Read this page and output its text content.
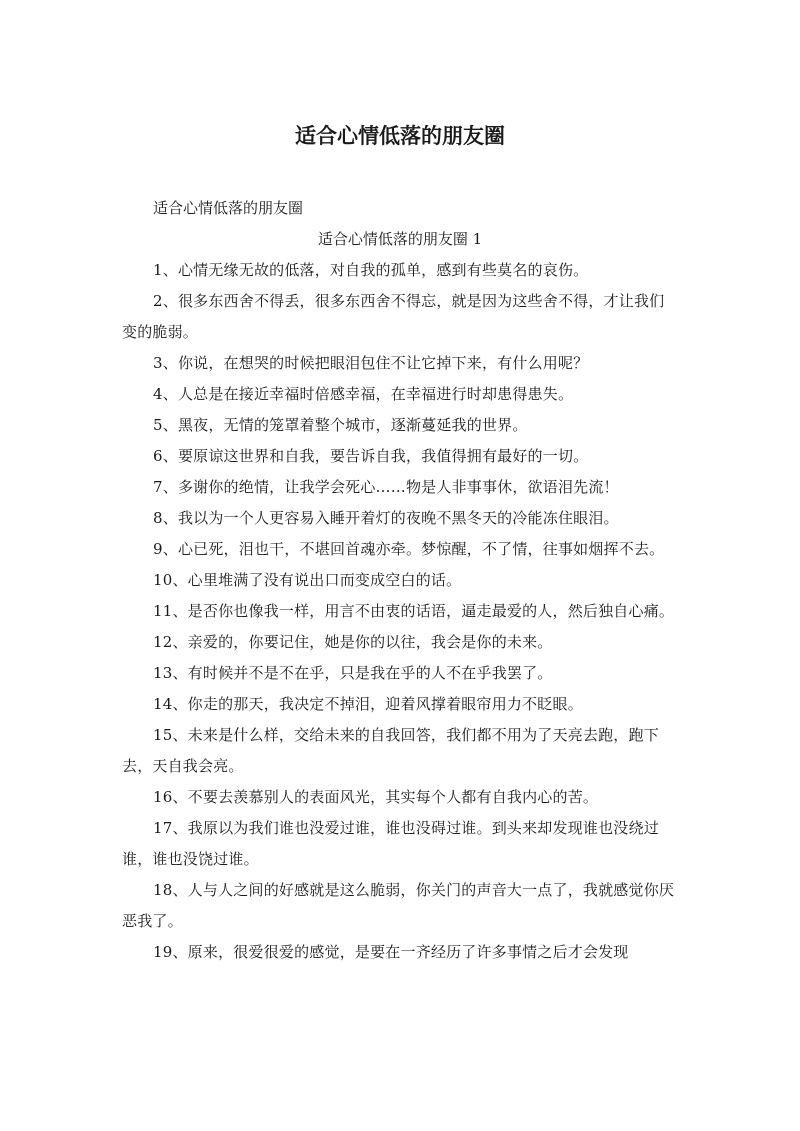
适合心情低落的朋友圈

适合心情低落的朋友圈

适合心情低落的朋友圈 1

1、心情无缘无故的低落，对自我的孤单，感到有些莫名的哀伤。
2、很多东西舍不得丢，很多东西舍不得忘，就是因为这些舍不得，才让我们变的脆弱。
3、你说，在想哭的时候把眼泪包住不让它掉下来，有什么用呢？
4、人总是在接近幸福时倍感幸福，在幸福进行时却患得患失。
5、黑夜，无情的笼罩着整个城市，逐渐蔓延我的世界。
6、要原谅这世界和自我，要告诉自我，我值得拥有最好的一切。
7、多谢你的绝情，让我学会死心……物是人非事事休，欲语泪先流！
8、我以为一个人更容易入睡开着灯的夜晚不黑冬天的冷能冻住眼泪。
9、心已死，泪也干，不堪回首魂亦牵。梦惊醒，不了情，往事如烟挥不去。
10、心里堆满了没有说出口而变成空白的话。
11、是否你也像我一样，用言不由衷的话语，逼走最爱的人，然后独自心痛。
12、亲爱的，你要记住，她是你的以往，我会是你的未来。
13、有时候并不是不在乎，只是我在乎的人不在乎我罢了。
14、你走的那天，我决定不掉泪，迎着风撑着眼帘用力不眨眼。
15、未来是什么样，交给未来的自我回答，我们都不用为了天亮去跑，跑下去，天自我会亮。
16、不要去羡慕别人的表面风光，其实每个人都有自我内心的苦。
17、我原以为我们谁也没爱过谁，谁也没碍过谁。到头来却发现谁也没绕过谁，谁也没饶过谁。
18、人与人之间的好感就是这么脆弱，你关门的声音大一点了，我就感觉你厌恶我了。
19、原来，很爱很爱的感觉，是要在一齐经历了许多事情之后才会发现
